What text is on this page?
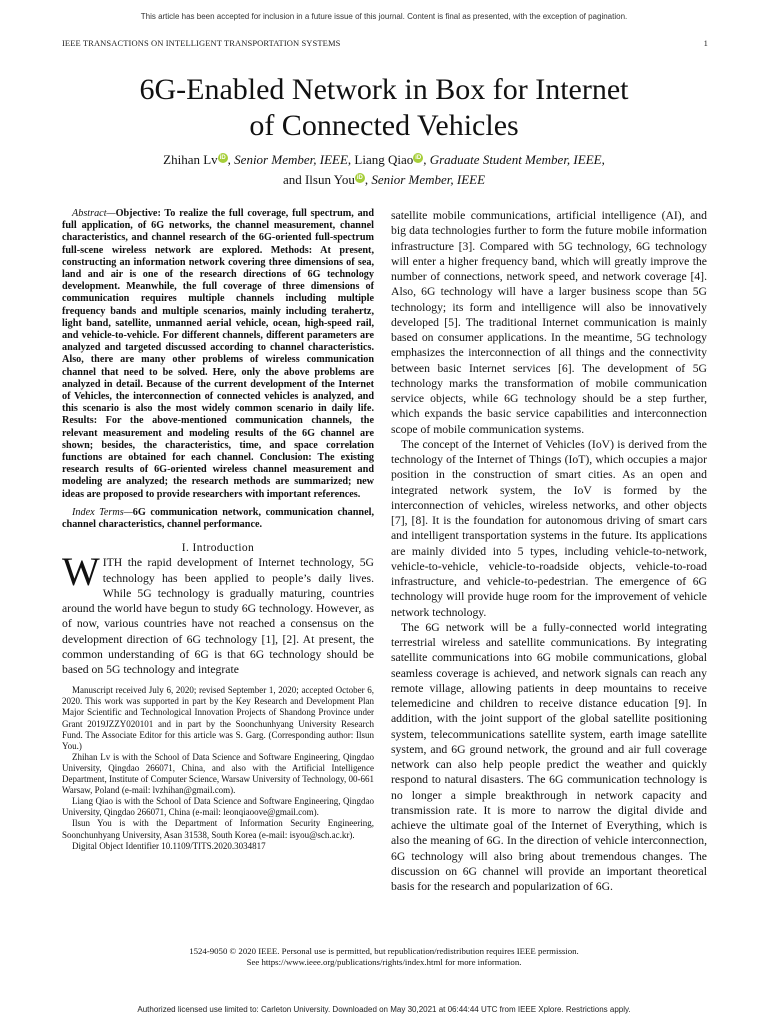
This article has been accepted for inclusion in a future issue of this journal. Content is final as presented, with the exception of pagination.
IEEE TRANSACTIONS ON INTELLIGENT TRANSPORTATION SYSTEMS	1
6G-Enabled Network in Box for Internet
of Connected Vehicles
Zhihan Lv iD , Senior Member, IEEE, Liang Qiao iD , Graduate Student Member, IEEE,
and Ilsun You iD , Senior Member, IEEE

Abstract—Objective: To realize the full coverage, full spectrum, and full application, of 6G networks, the channel measurement, channel characteristics, and channel research of the 6G-oriented full-spectrum full-scene wireless network are explored. Methods: At present, constructing an information network covering three dimensions of sea, land and air is one of the research directions of 6G technology development. Meanwhile, the full coverage of three dimensions of communication requires multiple channels including multiple frequency bands and multiple scenarios, mainly including terahertz, light band, satellite, unmanned aerial vehicle, ocean, high-speed rail, and vehicle-to-vehicle. For different channels, different parameters are analyzed and targeted discussed according to channel characteristics. Also, there are many other problems of wireless communication channel that need to be solved. Here, only the above problems are analyzed in detail. Because of the current development of the Internet of Vehicles, the interconnection of connected vehicles is analyzed, and this scenario is also the most widely common scenario in daily life. Results: For the above-mentioned communication channels, the relevant measurement and modeling results of the 6G channel are shown; besides, the characteristics, time, and space correlation functions are obtained for each channel. Conclusion: The existing research results of 6G-oriented wireless channel measurement and modeling are analyzed; the research methods are summarized; new ideas are proposed to provide researchers with important references.

Index Terms—6G communication network, communication channel, channel characteristics, channel performance.

I. Introduction

WITH the rapid development of Internet technology, 5G technology has been applied to people’s daily lives. While 5G technology is gradually maturing, countries around the world have begun to study 6G technology. However, as of now, various countries have not reached a consensus on the development direction of 6G technology [1], [2]. At present, the common understanding of 6G is that 6G technology should be based on 5G technology and integrate

Manuscript received July 6, 2020; revised September 1, 2020; accepted October 6, 2020. This work was supported in part by the Key Research and Development Plan Major Scientific and Technological Innovation Projects of Shandong Province under Grant 2019JZZY020101 and in part by the Soonchunhyang University Research Fund. The Associate Editor for this article was S. Garg. (Corresponding author: Ilsun You.)

Zhihan Lv is with the School of Data Science and Software Engineering, Qingdao University, Qingdao 266071, China, and also with the Artificial Intelligence Department, Institute of Computer Science, Warsaw University of Technology, 00-661 Warsaw, Poland (e-mail: lvzhihan@gmail.com).

Liang Qiao is with the School of Data Science and Software Engineering, Qingdao University, Qingdao 266071, China (e-mail: leonqiaoove@gmail.com).

Ilsun You is with the Department of Information Security Engineering, Soonchunhyang University, Asan 31538, South Korea (e-mail: isyou@sch.ac.kr).

Digital Object Identifier 10.1109/TITS.2020.3034817

satellite mobile communications, artificial intelligence (AI), and big data technologies further to form the future mobile information infrastructure [3]. Compared with 5G technology, 6G technology will enter a higher frequency band, which will greatly improve the number of connections, network speed, and network coverage [4]. Also, 6G technology will have a larger business scope than 5G technology; its form and intelligence will also be innovatively developed [5]. The traditional Internet communication is mainly based on consumer applications. In the meantime, 5G technology emphasizes the interconnection of all things and the connectivity between basic Internet services [6]. The development of 5G technology marks the transformation of mobile communication service objects, while 6G technology should be a step further, which expands the basic service capabilities and interconnection scope of mobile communication systems.

The concept of the Internet of Vehicles (IoV) is derived from the technology of the Internet of Things (IoT), which occupies a major position in the construction of smart cities. As an open and integrated network system, the IoV is formed by the interconnection of vehicles, wireless networks, and other objects [7], [8]. It is the foundation for autonomous driving of smart cars and intelligent transportation systems in the future. Its applications are mainly divided into 5 types, including vehicle-to-network, vehicle-to-vehicle, vehicle-to-roadside objects, vehicle-to-road infrastructure, and vehicle-to-pedestrian. The emergence of 6G technology will provide huge room for the improvement of vehicle network technology.

The 6G network will be a fully-connected world integrating terrestrial wireless and satellite communications. By integrating satellite communications into 6G mobile communications, global seamless coverage is achieved, and network signals can reach any remote village, allowing patients in deep mountains to receive telemedicine and children to receive distance education [9]. In addition, with the joint support of the global satellite positioning system, telecommunications satellite system, earth image satellite system, and 6G ground network, the ground and air full coverage network can also help people predict the weather and quickly respond to natural disasters. The 6G communication technology is no longer a simple breakthrough in network capacity and transmission rate. It is more to narrow the digital divide and achieve the ultimate goal of the Internet of Everything, which is also the meaning of 6G. In the direction of vehicle interconnection, 6G technology will also bring about tremendous changes. The discussion on 6G channel will provide an important theoretical basis for the research and popularization of 6G.

1524-9050 © 2020 IEEE. Personal use is permitted, but republication/redistribution requires IEEE permission.
See https://www.ieee.org/publications/rights/index.html for more information.
Authorized licensed use limited to: Carleton University. Downloaded on May 30,2021 at 06:44:44 UTC from IEEE Xplore. Restrictions apply.
